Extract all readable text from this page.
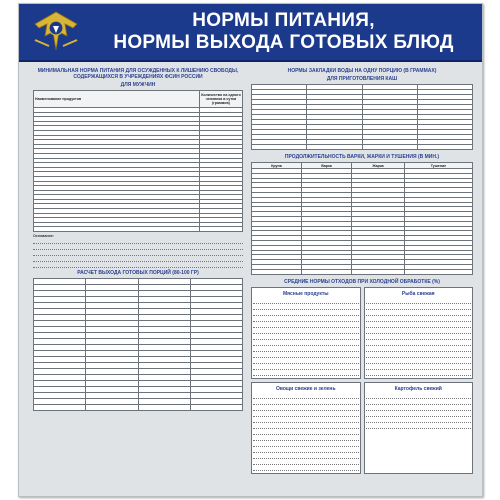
НОРМЫ ПИТАНИЯ,
НОРМЫ ВЫХОДА ГОТОВЫХ БЛЮД
МИНИМАЛЬНАЯ НОРМА ПИТАНИЯ ДЛЯ ОСУЖДЕННЫХ К ЛИШЕНИЮ СВОБОДЫ, СОДЕРЖАЩИХСЯ В УЧРЕЖДЕНИЯХ ФСИН РОССИИ
ДЛЯ МУЖЧИН
Наименование продуктов	Количество на одного человека в сутки (граммов)

Основание:
РАСЧЕТ ВЫХОДА ГОТОВЫХ ПОРЦИЙ (80-100 ГР)

НОРМЫ ЗАКЛАДКИ ВОДЫ НА ОДНУ ПОРЦИЮ (В ГРАММАХ)
ДЛЯ ПРИГОТОВЛЕНИЯ КАШ

ПРОДОЛЖИТЕЛЬНОСТЬ ВАРКИ, ЖАРКИ И ТУШЕНИЯ (В МИН.)
Крупа	Варка	Жарка	Тушение

СРЕДНИЕ НОРМЫ ОТХОДОВ ПРИ ХОЛОДНОЙ ОБРАБОТКЕ (%)
Мясные продукты	Рыба свежая
Овощи свежие и зелень	Картофель свежий
